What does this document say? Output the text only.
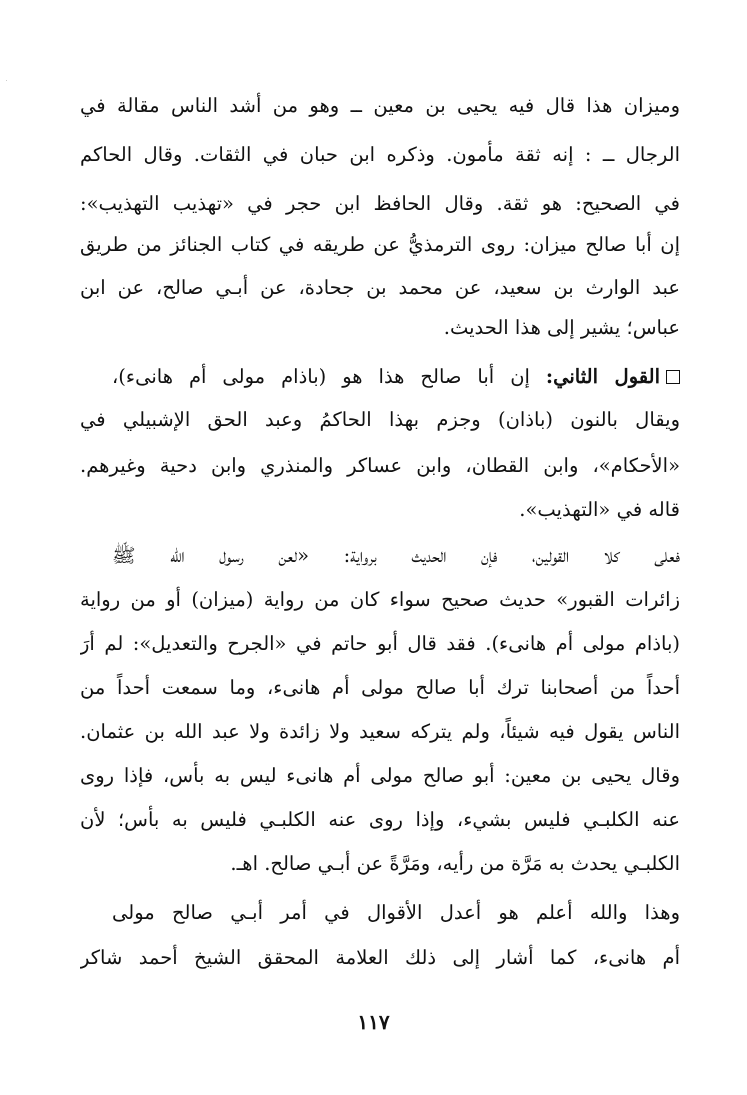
وميزان هذا قال فيه يحيى بن معين ــ وهو من أشد الناس مقالة في
الرجال ــ : إنه ثقة مأمون. وذكره ابن حبان في الثقات. وقال الحاكم
في الصحيح: هو ثقة. وقال الحافظ ابن حجر في «تهذيب التهذيب»:
إن أبا صالح ميزان: روى الترمذيُّ عن طريقه في كتاب الجنائز من طريق
عبد الوارث بن سعيد، عن محمد بن جحادة، عن أبـي صالح، عن ابن
عباس؛ يشير إلى هذا الحديث.
القول الثاني: إن أبا صالح هذا هو (باذام مولى أم هانىء)،
ويقال بالنون (باذان) وجزم بهذا الحاكمُ وعبد الحق الإشبيلي في
«الأحكام»، وابن القطان، وابن عساكر والمنذري وابن دحية وغيرهم.
قاله في «التهذيب».
فعلى كلا القولين، فإن الحديث برواية: «لعن رسول الله ﷺ
زائرات القبور» حديث صحيح سواء كان من رواية (ميزان) أو من رواية
(باذام مولى أم هانىء). فقد قال أبو حاتم في «الجرح والتعديل»: لم أرَ
أحداً من أصحابنا ترك أبا صالح مولى أم هانىء، وما سمعت أحداً من
الناس يقول فيه شيئاً، ولم يتركه سعيد ولا زائدة ولا عبد الله بن عثمان.
وقال يحيى بن معين: أبو صالح مولى أم هانىء ليس به بأس، فإذا روى
عنه الكلبـي فليس بشيء، وإذا روى عنه الكلبـي فليس به بأس؛ لأن
الكلبـي يحدث به مَرَّة من رأيه، ومَرَّةً عن أبـي صالح. اهـ.
وهذا والله أعلم هو أعدل الأقوال في أمر أبـي صالح مولى
أم هانىء، كما أشار إلى ذلك العلامة المحقق الشيخ أحمد شاكر
١١٧
